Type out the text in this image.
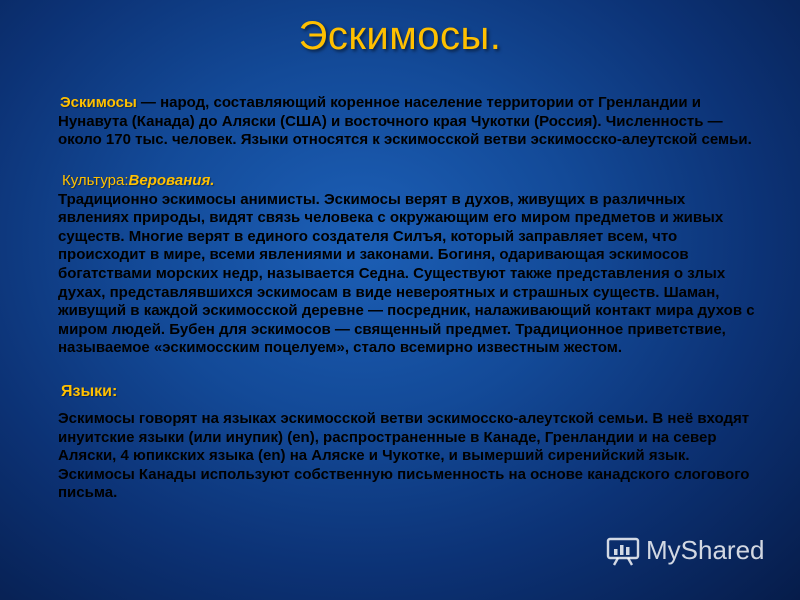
Эскимосы.
Эскимосы — народ, составляющий коренное население территории от Гренландии и Нунавута (Канада) до Аляски (США) и восточного края Чукотки (Россия). Численность — около 170 тыс. человек. Языки относятся к эскимосской ветви эскимосско-алеутской семьи.
Культура:Верования.
Традиционно эскимосы анимисты. Эскимосы верят в духов, живущих в различных явлениях природы, видят связь человека с окружающим его миром предметов и живых существ. Многие верят в единого создателя Силъя, который заправляет всем, что происходит в мире, всеми явлениями и законами. Богиня, одаривающая эскимосов богатствами морских недр, называется Седна. Существуют также представления о злых духах, представлявшихся эскимосам в виде невероятных и страшных существ. Шаман, живущий в каждой эскимосской деревне — посредник, налаживающий контакт мира духов с миром людей. Бубен для эскимосов — священный предмет. Традиционное приветствие, называемое «эскимосским поцелуем», стало всемирно известным жестом.
Языки:
Эскимосы говорят на языках эскимосской ветви эскимосско-алеутской семьи. В неё входят инуитские языки (или инупик) (en), распространенные в Канаде, Гренландии и на север Аляски, 4 юпикских языка (en) на Аляске и Чукотке, и вымерший сиренийский язык.
Эскимосы Канады используют собственную письменность на основе канадского слогового письма.
MyShared
